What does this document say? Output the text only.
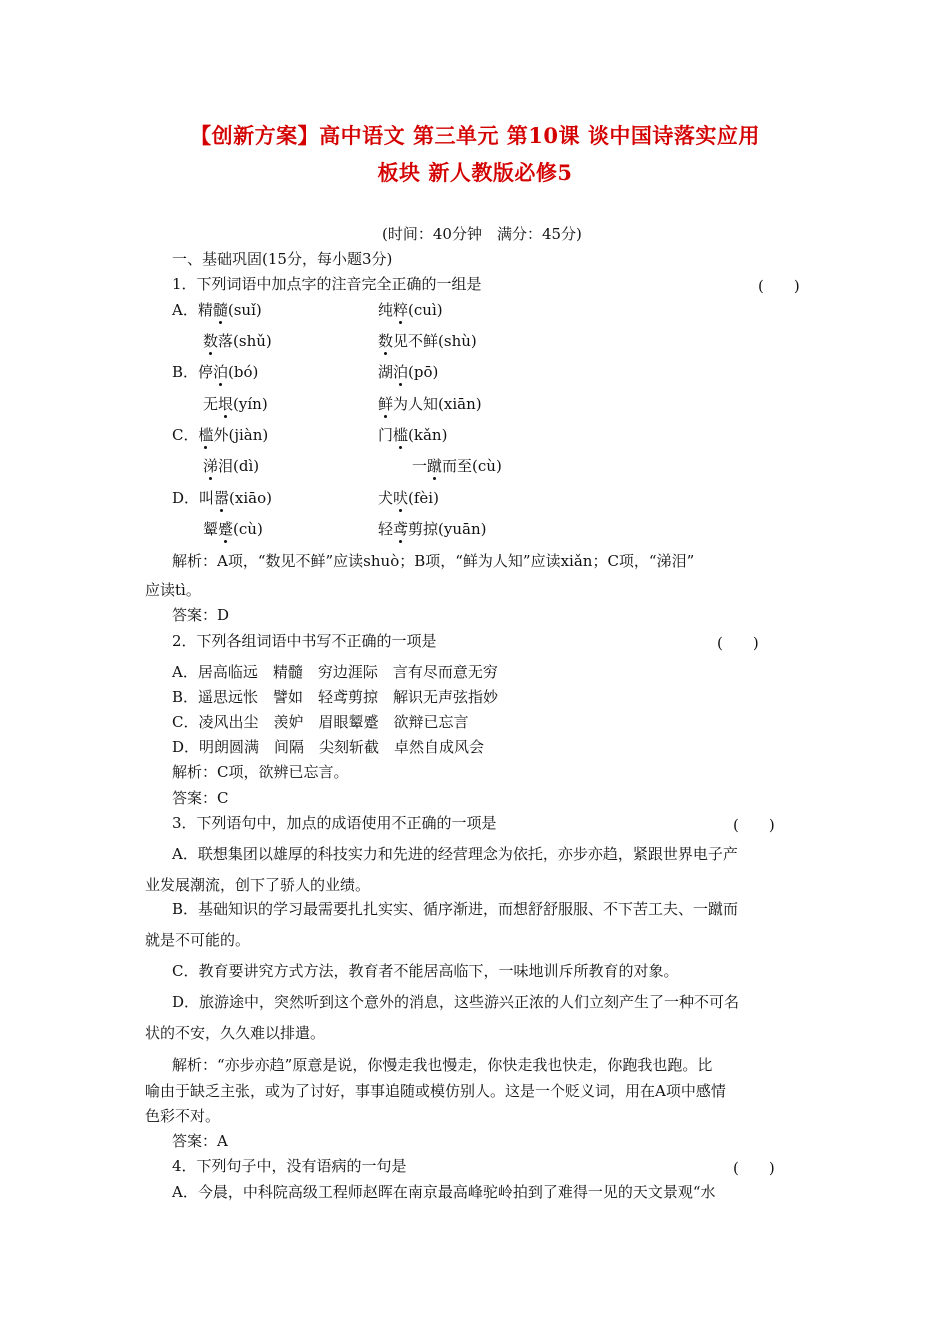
【创新方案】高中语文 第三单元 第10课 谈中国诗落实应用
板块 新人教版必修5
(时间：40分钟　满分：45分)
一、基础巩固(15分，每小题3分)
1．下列词语中加点字的注音完全正确的一组是	(　　)
A．精髓(suǐ)	纯粹(cuì)
数落(shǔ)	数见不鲜(shù)
B．停泊(bó)	湖泊(pō)
无垠(yín)	鲜为人知(xiān)
C．槛外(jiàn)	门槛(kǎn)
涕泪(dì)	一蹴而至(cù)
D．叫嚣(xiāo)	犬吠(fèi)
颦蹙(cù)	轻鸢剪掠(yuān)
解析：A项，“数见不鲜”应读shuò；B项，“鲜为人知”应读xiǎn；C项，“涕泪”
应读tì。
答案：D
2．下列各组词语中书写不正确的一项是	(　　)
A．居高临远　精髓　穷边涯际　言有尽而意无穷
B．遥思远怅　譬如　轻鸢剪掠　解识无声弦指妙
C．凌风出尘　羡妒　眉眼颦蹙　欲辩已忘言
D．明朗圆满　间隔　尖刻斩截　卓然自成风会
解析：C项，欲辨已忘言。
答案：C
3．下列语句中，加点的成语使用不正确的一项是	(　　)
A．联想集团以雄厚的科技实力和先进的经营理念为依托，亦步亦趋，紧跟世界电子产
业发展潮流，创下了骄人的业绩。
B．基础知识的学习最需要扎扎实实、循序渐进，而想舒舒服服、不下苦工夫、一蹴而
就是不可能的。
C．教育要讲究方式方法，教育者不能居高临下，一味地训斥所教育的对象。
D．旅游途中，突然听到这个意外的消息，这些游兴正浓的人们立刻产生了一种不可名
状的不安，久久难以排遣。
解析：“亦步亦趋”原意是说，你慢走我也慢走，你快走我也快走，你跑我也跑。比
喻由于缺乏主张，或为了讨好，事事追随或模仿别人。这是一个贬义词，用在A项中感情
色彩不对。
答案：A
4．下列句子中，没有语病的一句是	(　　)
A．今晨，中科院高级工程师赵晖在南京最高峰驼岭拍到了难得一见的天文景观“水
